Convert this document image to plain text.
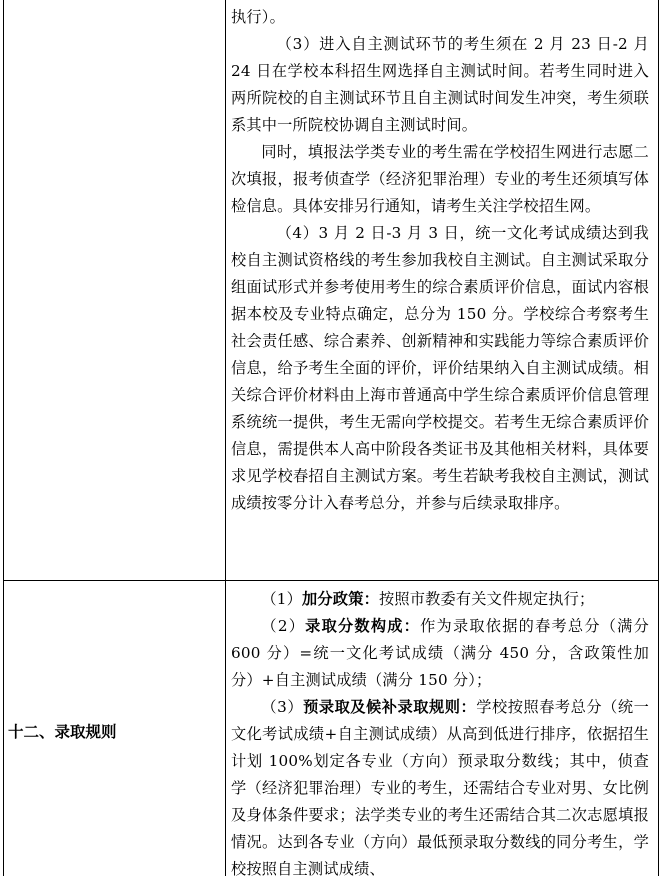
执行）。

（3）进入自主测试环节的考生须在 2 月 23 日-2 月 24 日在学校本科招生网选择自主测试时间。若考生同时进入两所院校的自主测试环节且自主测试时间发生冲突，考生须联系其中一所院校协调自主测试时间。

同时，填报法学类专业的考生需在学校招生网进行志愿二次填报，报考侦查学（经济犯罪治理）专业的考生还须填写体检信息。具体安排另行通知，请考生关注学校招生网。

（4）3 月 2 日-3 月 3 日，统一文化考试成绩达到我校自主测试资格线的考生参加我校自主测试。自主测试采取分组面试形式并参考使用考生的综合素质评价信息，面试内容根据本校及专业特点确定，总分为 150 分。学校综合考察考生社会责任感、综合素养、创新精神和实践能力等综合素质评价信息，给予考生全面的评价，评价结果纳入自主测试成绩。相关综合评价材料由上海市普通高中学生综合素质评价信息管理系统统一提供，考生无需向学校提交。若考生无综合素质评价信息，需提供本人高中阶段各类证书及其他相关材料，具体要求见学校春招自主测试方案。考生若缺考我校自主测试，测试成绩按零分计入春考总分，并参与后续录取排序。

十二、录取规则

（1）加分政策：按照市教委有关文件规定执行；

（2）录取分数构成：作为录取依据的春考总分（满分 600 分）=统一文化考试成绩（满分 450 分，含政策性加分）+自主测试成绩（满分 150 分）；

（3）预录取及候补录取规则：学校按照春考总分（统一文化考试成绩+自主测试成绩）从高到低进行排序，依据招生计划 100%划定各专业（方向）预录取分数线；其中，侦查学（经济犯罪治理）专业的考生，还需结合专业对男、女比例及身体条件要求；法学类专业的考生还需结合其二次志愿填报情况。达到各专业（方向）最低预录取分数线的同分考生，学校按照自主测试成绩、
